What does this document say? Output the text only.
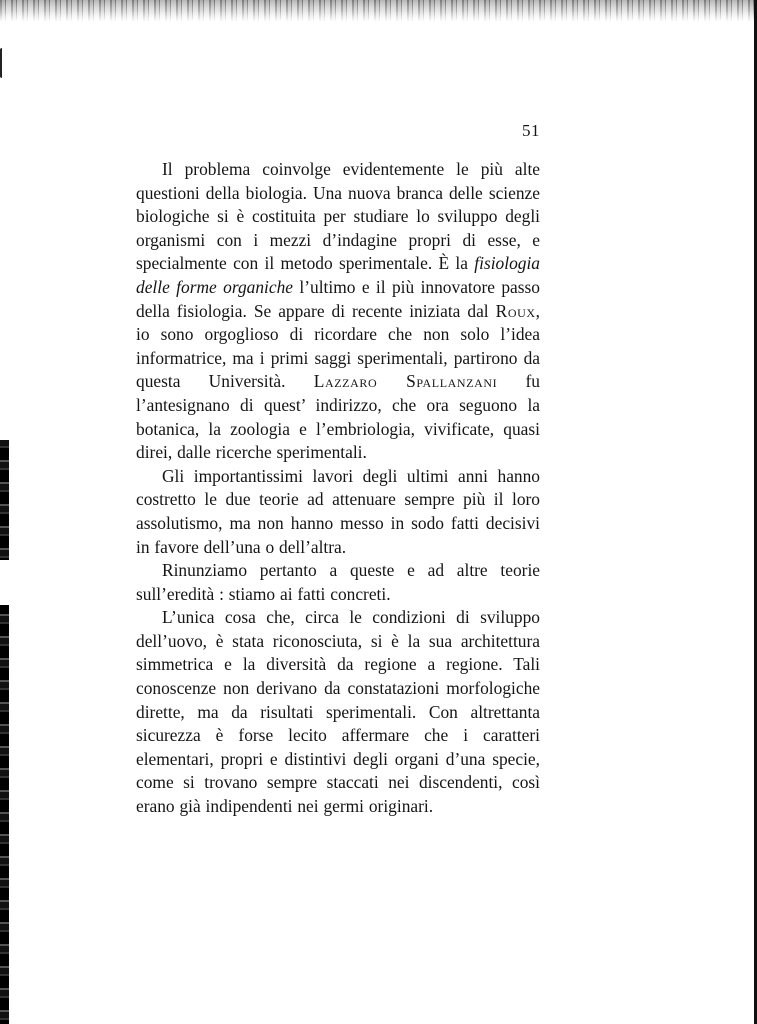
51

Il problema coinvolge evidentemente le più alte questioni della biologia. Una nuova branca delle scienze biologiche si è costituita per studiare lo sviluppo degli organismi con i mezzi d’indagine propri di esse, e specialmente con il metodo sperimentale. È la fisiologia delle forme organiche l’ultimo e il più innovatore passo della fisiologia. Se appare di recente iniziata dal Roux, io sono orgoglioso di ricordare che non solo l’idea informatrice, ma i primi saggi sperimentali, partirono da questa Università. Lazzaro Spallanzani fu l’antesignano di quest’ indirizzo, che ora seguono la botanica, la zoologia e l’embriologia, vivificate, quasi direi, dalle ricerche sperimentali.

Gli importantissimi lavori degli ultimi anni hanno costretto le due teorie ad attenuare sempre più il loro assolutismo, ma non hanno messo in sodo fatti decisivi in favore dell’una o dell’altra.

Rinunziamo pertanto a queste e ad altre teorie sull’eredità : stiamo ai fatti concreti.

L’unica cosa che, circa le condizioni di sviluppo dell’uovo, è stata riconosciuta, si è la sua architettura simmetrica e la diversità da regione a regione. Tali conoscenze non derivano da constatazioni morfologiche dirette, ma da risultati sperimentali. Con altrettanta sicurezza è forse lecito affermare che i caratteri elementari, propri e distintivi degli organi d’una specie, come si trovano sempre staccati nei discendenti, così erano già indipendenti nei germi originari.
